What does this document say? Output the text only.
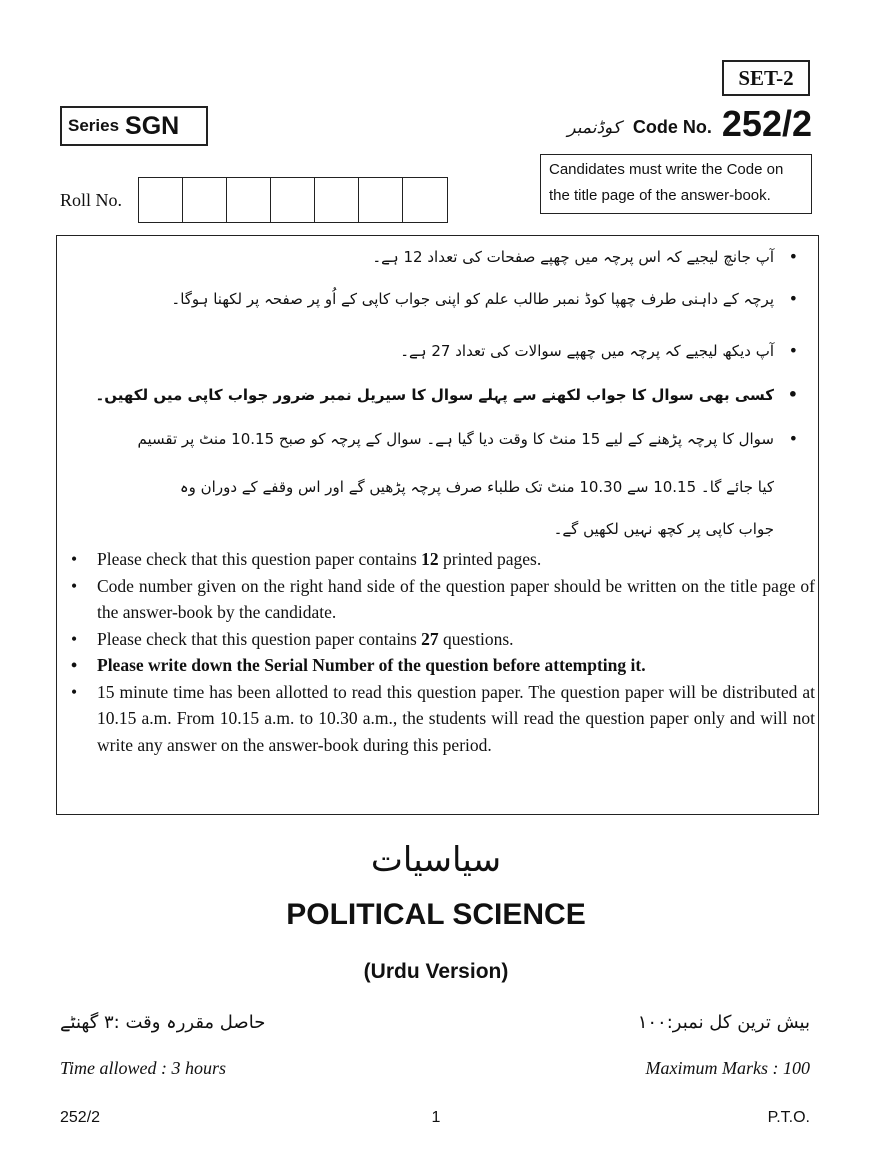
SET-2
Series SGN	کوڈنمبر Code No. 252/2
Candidates must write the Code on
the title page of the answer-book.
Roll No.
•
آپ جانچ لیجیے کہ اس پرچہ میں چھپے صفحات کی تعداد 12 ہے۔
•
پرچہ کے داہنی طرف چھپا کوڈ نمبر طالب علم کو اپنی جواب کاپی کے اُو پر صفحہ پر لکھنا ہوگا۔
•
آپ دیکھ لیجیے کہ پرچہ میں چھپے سوالات کی تعداد 27 ہے۔
•
کسی بھی سوال کا جواب لکھنے سے پہلے سوال کا سیریل نمبر ضرور جواب کاپی میں لکھیں۔
•
سوال کا پرچہ پڑھنے کے لیے 15 منٹ کا وقت دیا گیا ہے۔ سوال کے پرچہ کو صبح 10.15 منٹ پر تقسیم
کیا جائے گا۔ 10.15 سے 10.30 منٹ تک طلباء صرف پرچہ پڑھیں گے اور اس وقفے کے دوران وہ
جواب کاپی پر کچھ نہیں لکھیں گے۔
• Please check that this question paper contains 12 printed pages.
• Code number given on the right hand side of the question paper should be written on the title page of the answer-book by the candidate.
• Please check that this question paper contains 27 questions.
• Please write down the Serial Number of the question before attempting it.
• 15 minute time has been allotted to read this question paper. The question paper will be distributed at 10.15 a.m. From 10.15 a.m. to 10.30 a.m., the students will read the question paper only and will not write any answer on the answer-book during this period.
سیاسیات
POLITICAL SCIENCE
(Urdu Version)
حاصل مقررہ وقت :۳ گھنٹے	بیش ترین کل نمبر:۱۰۰
Time allowed : 3 hours	Maximum Marks : 100
252/2	1	P.T.O.
